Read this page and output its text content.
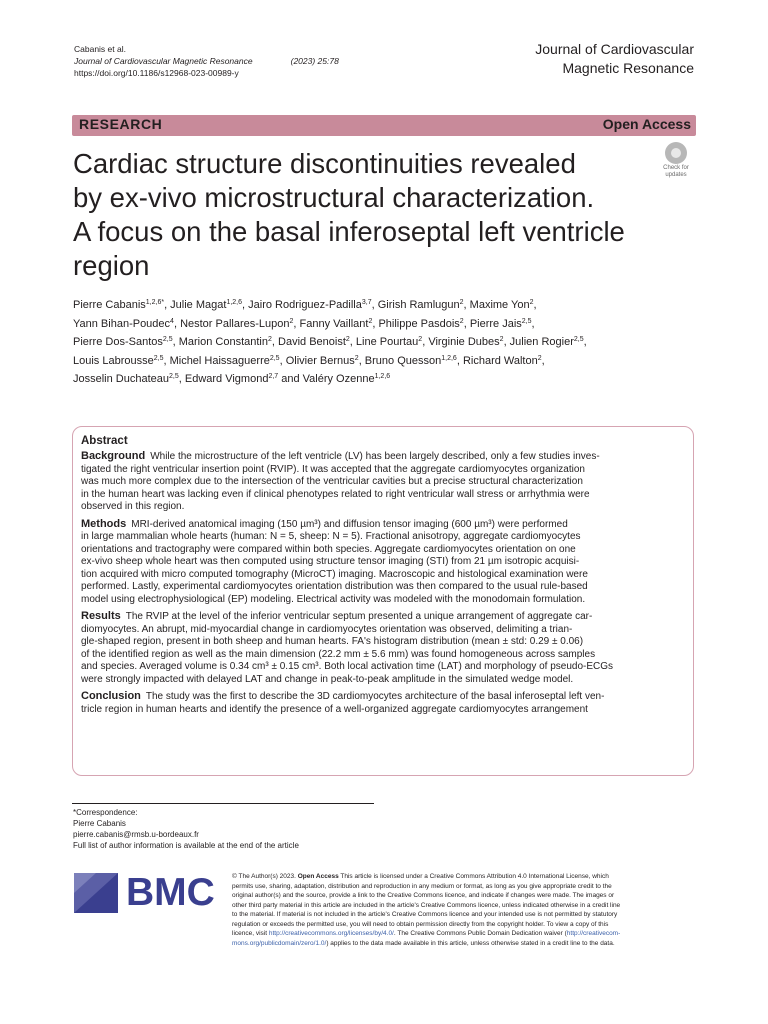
Cabanis et al.
Journal of Cardiovascular Magnetic Resonance	(2023) 25:78
https://doi.org/10.1186/s12968-023-00989-y
Journal of Cardiovascular
Magnetic Resonance
RESEARCH	Open Access
Check for
updates
Cardiac structure discontinuities revealed
by ex-vivo microstructural characterization.
A focus on the basal inferoseptal left ventricle
region
Pierre Cabanis$^{1,2,6*}$, Julie Magat$^{1,2,6}$, Jairo Rodriguez-Padilla$^{3,7}$, Girish Ramlugun$^2$, Maxime Yon$^2$,
Yann Bihan-Poudec$^4$, Nestor Pallares-Lupon$^2$, Fanny Vaillant$^2$, Philippe Pasdois$^2$, Pierre Jais$^{2,5}$,
Pierre Dos-Santos$^{2,5}$, Marion Constantin$^2$, David Benoist$^2$, Line Pourtau$^2$, Virginie Dubes$^2$, Julien Rogier$^{2,5}$,
Louis Labrousse$^{2,5}$, Michel Haissaguerre$^{2,5}$, Olivier Bernus$^2$, Bruno Quesson$^{1,2,6}$, Richard Walton$^2$,
Josselin Duchateau$^{2,5}$, Edward Vigmond$^{2,7}$ and Valéry Ozenne$^{1,2,6}$
Abstract
Background While the microstructure of the left ventricle (LV) has been largely described, only a few studies inves-
tigated the right ventricular insertion point (RVIP). It was accepted that the aggregate cardiomyocytes organization
was much more complex due to the intersection of the ventricular cavities but a precise structural characterization
in the human heart was lacking even if clinical phenotypes related to right ventricular wall stress or arrhythmia were
observed in this region.
Methods MRI-derived anatomical imaging (150 µm³) and diffusion tensor imaging (600 µm³) were performed
in large mammalian whole hearts (human: N = 5, sheep: N = 5). Fractional anisotropy, aggregate cardiomyocytes
orientations and tractography were compared within both species. Aggregate cardiomyocytes orientation on one
ex-vivo sheep whole heart was then computed using structure tensor imaging (STI) from 21 µm isotropic acquisi-
tion acquired with micro computed tomography (MicroCT) imaging. Macroscopic and histological examination were
performed. Lastly, experimental cardiomyocytes orientation distribution was then compared to the usual rule-based
model using electrophysiological (EP) modeling. Electrical activity was modeled with the monodomain formulation.
Results The RVIP at the level of the inferior ventricular septum presented a unique arrangement of aggregate car-
diomyocytes. An abrupt, mid-myocardial change in cardiomyocytes orientation was observed, delimiting a trian-
gle-shaped region, present in both sheep and human hearts. FA's histogram distribution (mean ± std: 0.29 ± 0.06)
of the identified region as well as the main dimension (22.2 mm ± 5.6 mm) was found homogeneous across samples
and species. Averaged volume is 0.34 cm³ ± 0.15 cm³. Both local activation time (LAT) and morphology of pseudo-ECGs
were strongly impacted with delayed LAT and change in peak-to-peak amplitude in the simulated wedge model.
Conclusion The study was the first to describe the 3D cardiomyocytes architecture of the basal inferoseptal left ven-
tricle region in human hearts and identify the presence of a well-organized aggregate cardiomyocytes arrangement
*Correspondence:
Pierre Cabanis
pierre.cabanis@rmsb.u-bordeaux.fr
Full list of author information is available at the end of the article
BMC	© The Author(s) 2023. Open Access This article is licensed under a Creative Commons Attribution 4.0 International License, which
permits use, sharing, adaptation, distribution and reproduction in any medium or format, as long as you give appropriate credit to the
original author(s) and the source, provide a link to the Creative Commons licence, and indicate if changes were made. The images or
other third party material in this article are included in the article's Creative Commons licence, unless indicated otherwise in a credit line
to the material. If material is not included in the article's Creative Commons licence and your intended use is not permitted by statutory
regulation or exceeds the permitted use, you will need to obtain permission directly from the copyright holder. To view a copy of this
licence, visit http://creativecommons.org/licenses/by/4.0/. The Creative Commons Public Domain Dedication waiver (http://creativecom-
mons.org/publicdomain/zero/1.0/) applies to the data made available in this article, unless otherwise stated in a credit line to the data.
